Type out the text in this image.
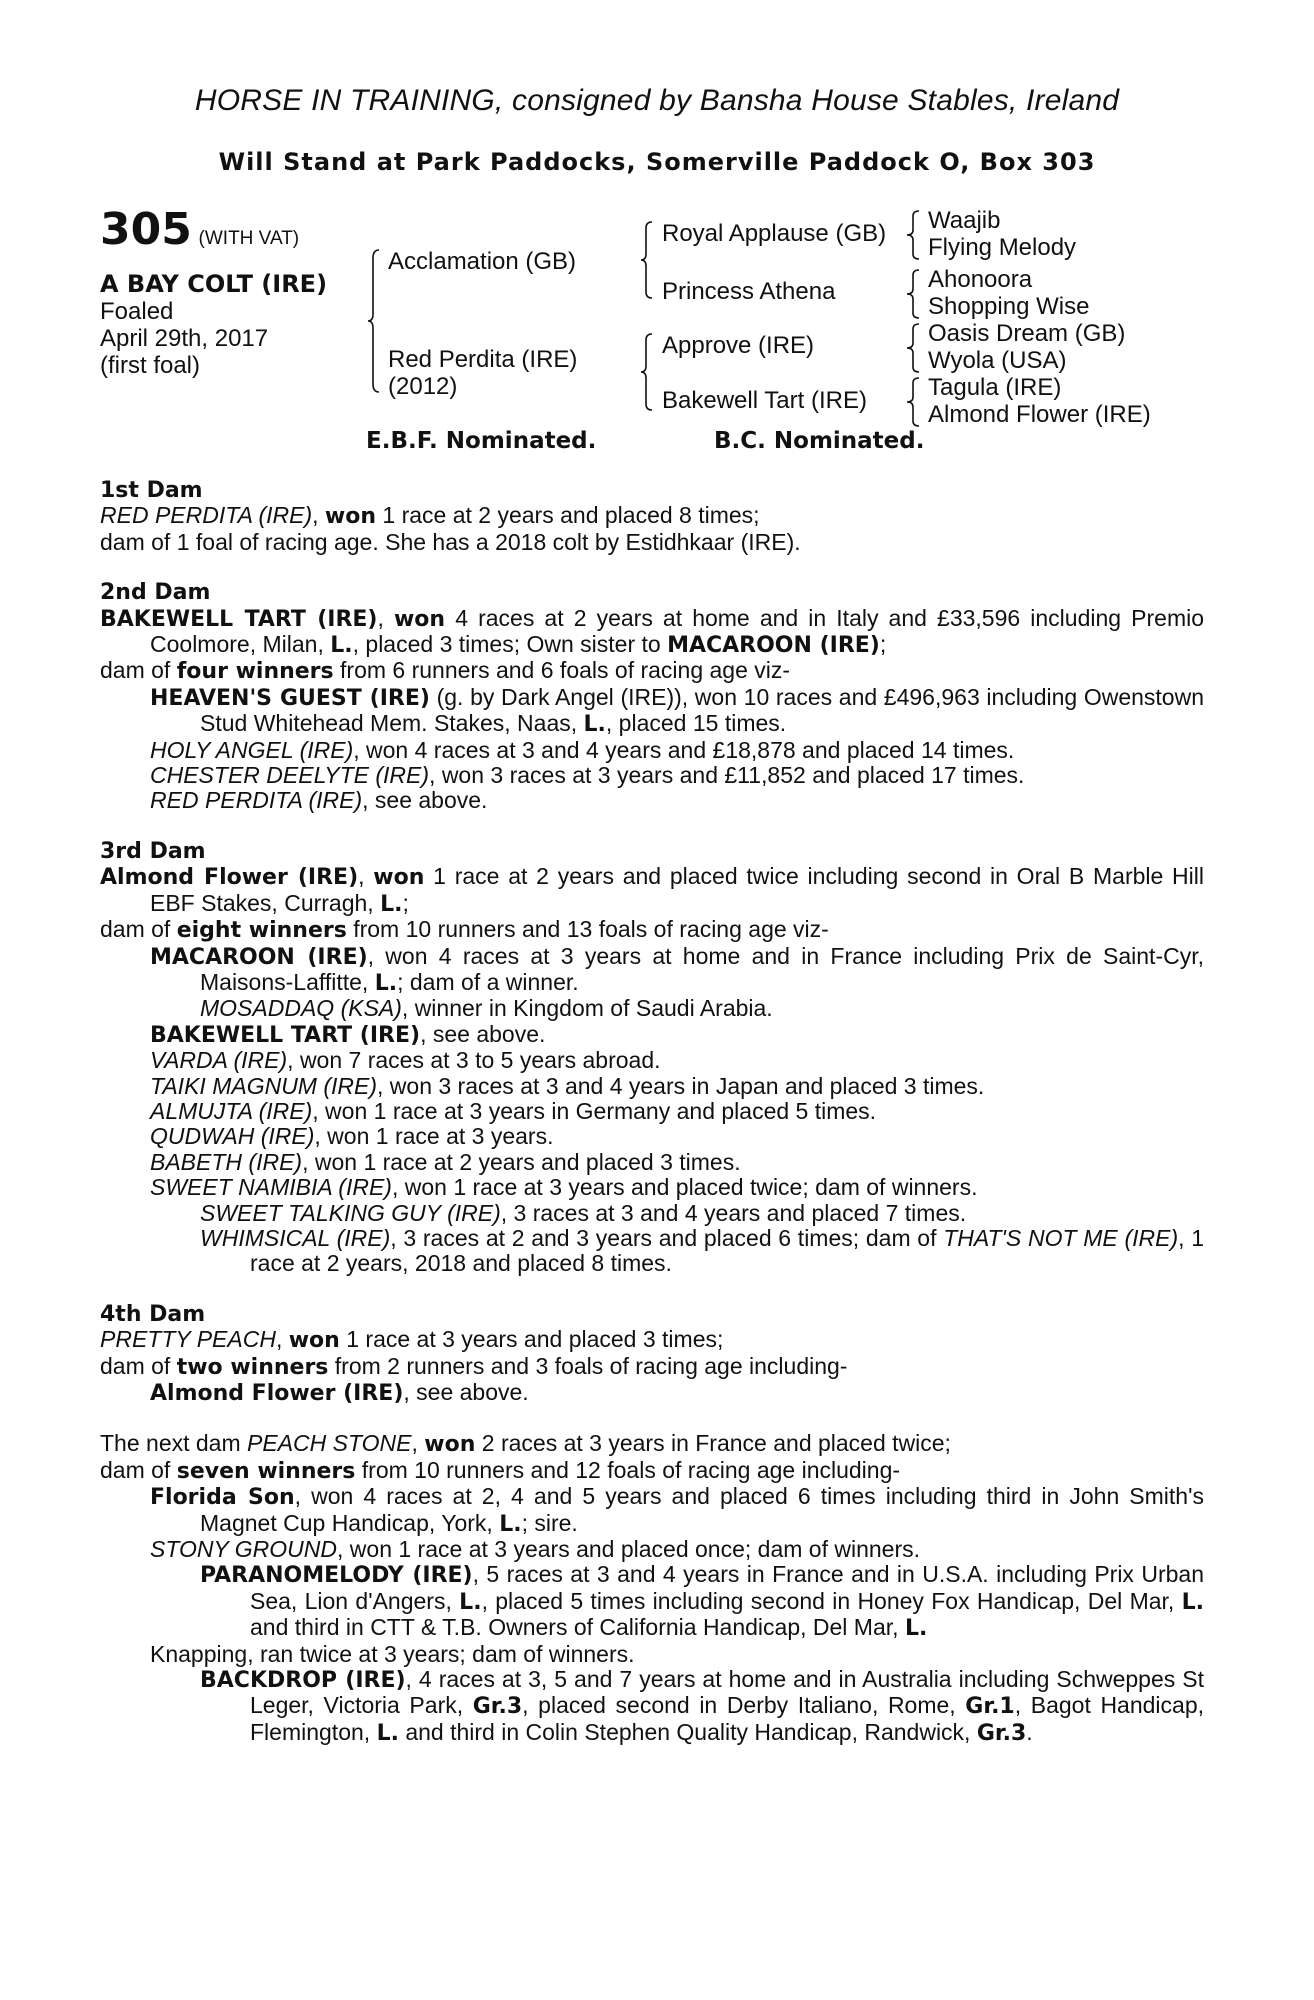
HORSE IN TRAINING, consigned by Bansha House Stables, Ireland
Will Stand at Park Paddocks, Somerville Paddock O, Box 303
305 (WITH VAT)
A BAY COLT (IRE)
Foaled
April 29th, 2017
(first foal)
Acclamation (GB)
Red Perdita (IRE)
(2012)
Royal Applause (GB)
Princess Athena
Approve (IRE)
Bakewell Tart (IRE)
Waajib
Flying Melody
Ahonoora
Shopping Wise
Oasis Dream (GB)
Wyola (USA)
Tagula (IRE)
Almond Flower (IRE)
E.B.F. Nominated.	B.C. Nominated.
1st Dam
RED PERDITA (IRE), won 1 race at 2 years and placed 8 times;
dam of 1 foal of racing age. She has a 2018 colt by Estidhkaar (IRE).
2nd Dam
BAKEWELL TART (IRE), won 4 races at 2 years at home and in Italy and £33,596 including Premio Coolmore, Milan, L., placed 3 times; Own sister to MACAROON (IRE);
dam of four winners from 6 runners and 6 foals of racing age viz-
HEAVEN'S GUEST (IRE) (g. by Dark Angel (IRE)), won 10 races and £496,963 including Owenstown Stud Whitehead Mem. Stakes, Naas, L., placed 15 times.
HOLY ANGEL (IRE), won 4 races at 3 and 4 years and £18,878 and placed 14 times.
CHESTER DEELYTE (IRE), won 3 races at 3 years and £11,852 and placed 17 times.
RED PERDITA (IRE), see above.
3rd Dam
Almond Flower (IRE), won 1 race at 2 years and placed twice including second in Oral B Marble Hill EBF Stakes, Curragh, L.;
dam of eight winners from 10 runners and 13 foals of racing age viz-
MACAROON (IRE), won 4 races at 3 years at home and in France including Prix de Saint-Cyr, Maisons-Laffitte, L.; dam of a winner.
MOSADDAQ (KSA), winner in Kingdom of Saudi Arabia.
BAKEWELL TART (IRE), see above.
VARDA (IRE), won 7 races at 3 to 5 years abroad.
TAIKI MAGNUM (IRE), won 3 races at 3 and 4 years in Japan and placed 3 times.
ALMUJTA (IRE), won 1 race at 3 years in Germany and placed 5 times.
QUDWAH (IRE), won 1 race at 3 years.
BABETH (IRE), won 1 race at 2 years and placed 3 times.
SWEET NAMIBIA (IRE), won 1 race at 3 years and placed twice; dam of winners.
SWEET TALKING GUY (IRE), 3 races at 3 and 4 years and placed 7 times.
WHIMSICAL (IRE), 3 races at 2 and 3 years and placed 6 times; dam of THAT'S NOT ME (IRE), 1 race at 2 years, 2018 and placed 8 times.
4th Dam
PRETTY PEACH, won 1 race at 3 years and placed 3 times;
dam of two winners from 2 runners and 3 foals of racing age including-
Almond Flower (IRE), see above.
The next dam PEACH STONE, won 2 races at 3 years in France and placed twice;
dam of seven winners from 10 runners and 12 foals of racing age including-
Florida Son, won 4 races at 2, 4 and 5 years and placed 6 times including third in John Smith's Magnet Cup Handicap, York, L.; sire.
STONY GROUND, won 1 race at 3 years and placed once; dam of winners.
PARANOMELODY (IRE), 5 races at 3 and 4 years in France and in U.S.A. including Prix Urban Sea, Lion d'Angers, L., placed 5 times including second in Honey Fox Handicap, Del Mar, L. and third in CTT & T.B. Owners of California Handicap, Del Mar, L.
Knapping, ran twice at 3 years; dam of winners.
BACKDROP (IRE), 4 races at 3, 5 and 7 years at home and in Australia including Schweppes St Leger, Victoria Park, Gr.3, placed second in Derby Italiano, Rome, Gr.1, Bagot Handicap, Flemington, L. and third in Colin Stephen Quality Handicap, Randwick, Gr.3.
